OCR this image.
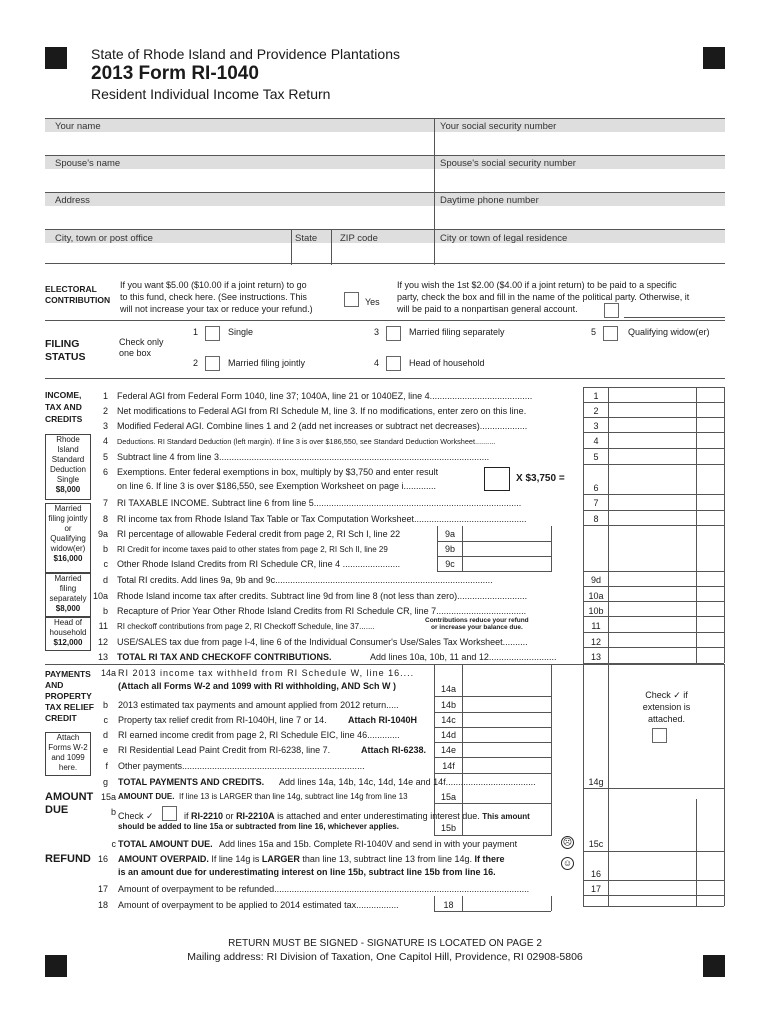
State of Rhode Island and Providence Plantations
2013 Form RI-1040
Resident Individual Income Tax Return
Your name	Your social security number
Spouse's name	Spouse's social security number
Address	Daytime phone number
City, town or post office	State ZIP code	City or town of legal residence
ELECTORAL
CONTRIBUTION
If you want $5.00 ($10.00 if a joint return) to go
to this fund, check here. (See instructions. This
will not increase your tax or reduce your refund.)
Yes
If you wish the 1st $2.00 ($4.00 if a joint return) to be paid to a specific
party, check the box and fill in the name of the political party. Otherwise, it
will be paid to a nonpartisan general account.
FILING
STATUS
Check only
one box
1	Single
2	Married filing jointly
3	Married filing separately
4	Head of household
5	Qualifying widow(er)
INCOME,
TAX AND
CREDITS
Rhode
Island
Standard
Deduction
Single
$8,000
Married
filing jointly
or
Qualifying
widow(er)
$16,000
Married
filing
separately
$8,000
Head of
household
$12,000
1 Federal AGI from Federal Form 1040, line 37; 1040A, line 21 or 1040EZ, line 4.........................................	1
2 Net modifications to Federal AGI from RI Schedule M, line 3. If no modifications, enter zero on this line.	2
3 Modified Federal AGI. Combine lines 1 and 2 (add net increases or subtract net decreases)...................	3
4 Deductions. RI Standard Deduction (left margin). If line 3 is over $186,550, see Standard Deduction Worksheet..........	4
5 Subtract line 4 from line 3............................................................................................................	5
6 Exemptions. Enter federal exemptions in box, multiply by $3,750 and enter result
on line 6. If line 3 is over $186,550, see Exemption Worksheet on page i.............
X $3,750 =
6
7 RI TAXABLE INCOME. Subtract line 6 from line 5...................................................................................	7
8 RI income tax from Rhode Island Tax Table or Tax Computation Worksheet.............................................	8
9a RI percentage of allowable Federal credit from page 2, RI Sch I, line 22	9a
b RI Credit for income taxes paid to other states from page 2, RI Sch II, line 29	9b
c Other Rhode Island Credits from RI Schedule CR, line 4 .......................	9c
d Total RI credits. Add lines 9a, 9b and 9c.......................................................................................	9d
10a Rhode Island income tax after credits. Subtract line 9d from line 8 (not less than zero)............................	10a
b Recapture of Prior Year Other Rhode Island Credits from RI Schedule CR, line 7....................................	10b
11 RI checkoff contributions from page 2, RI Checkoff Schedule, line 37.......
Contributions reduce your refund
or increase your balance due.	11
12 USE/SALES tax due from page I-4, line 6 of the Individual Consumer's Use/Sales Tax Worksheet..........	12
13 TOTAL RI TAX AND CHECKOFF CONTRIBUTIONS.	Add lines 10a, 10b, 11 and 12...........................	13
PAYMENTS
AND
PROPERTY
TAX RELIEF
CREDIT
Attach
Forms W-2
and 1099
here.
14a RI 2013 income tax withheld from RI Schedule W, line 16....
(Attach all Forms W-2 and 1099 with RI withholding, AND Sch W )	14a
b 2013 estimated tax payments and amount applied from 2012 return.....	14b
c Property tax relief credit from RI-1040H, line 7 or 14. Attach RI-1040H	14c
d RI earned income credit from page 2, RI Schedule EIC, line 46.............	14d
e RI Residential Lead Paint Credit from RI-6238, line 7.	Attach RI-6238.	14e
f Other payments.........................................................................	14f
g TOTAL PAYMENTS AND CREDITS. Add lines 14a, 14b, 14c, 14d, 14e and 14f....................................	14g
Check ✓ if
extension is
attached.
AMOUNT
DUE
15a AMOUNT DUE. If line 13 is LARGER than line 14g, subtract line 14g from line 13	15a
b Check ✓	if RI-2210 or RI-2210A is attached and enter underestimating interest due. This amount
should be added to line 15a or subtracted from line 16, whichever applies.	15b
c TOTAL AMOUNT DUE. Add lines 15a and 15b. Complete RI-1040V and send in with your payment	☹	15c
REFUND 16 AMOUNT OVERPAID. If line 14g is LARGER than line 13, subtract line 13 from line 14g. If there
is an amount due for underestimating interest on line 15b, subtract line 15b from line 16.
☺
16
17 Amount of overpayment to be refunded......................................................................................................	17
18 Amount of overpayment to be applied to 2014 estimated tax.................	18
RETURN MUST BE SIGNED - SIGNATURE IS LOCATED ON PAGE 2
Mailing address: RI Division of Taxation, One Capitol Hill, Providence, RI 02908-5806
